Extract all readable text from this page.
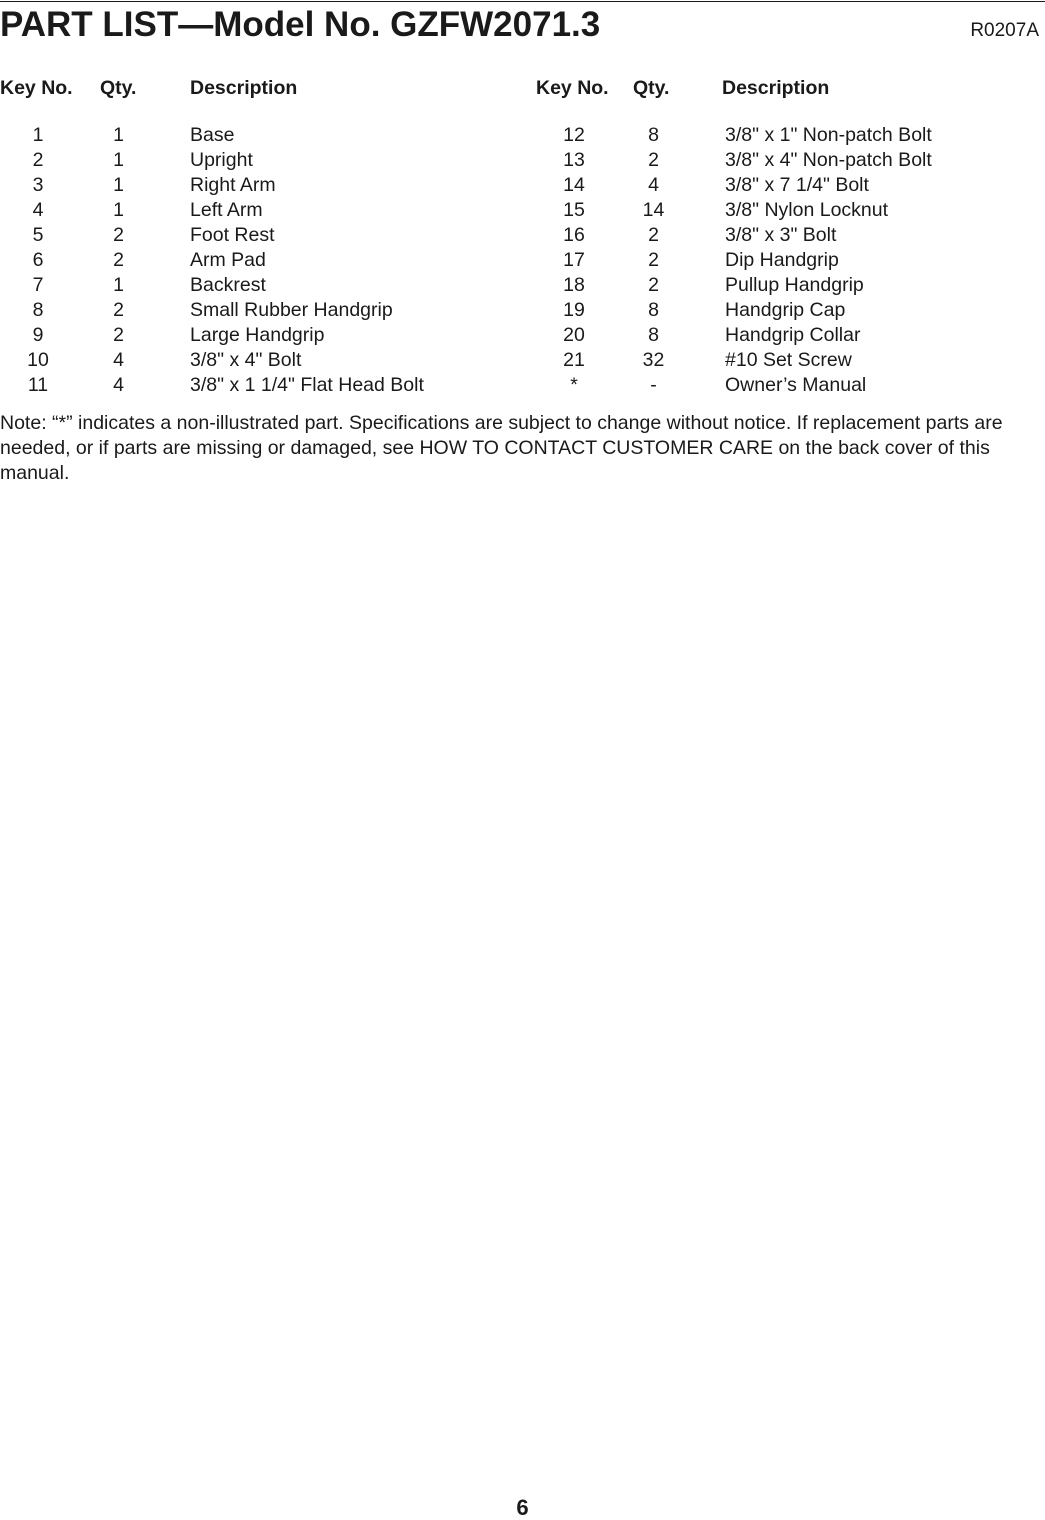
PART LIST—Model No. GZFW2071.3	R0207A
Key No. Qty.	Description
1	1	Base
2	1	Upright
3	1	Right Arm
4	1	Left Arm
5	2	Foot Rest
6	2	Arm Pad
7	1	Backrest
8	2	Small Rubber Handgrip
9	2	Large Handgrip
10	4	3/8" x 4" Bolt
11	4	3/8" x 1 1/4" Flat Head Bolt
Key No. Qty.	Description
12	8	3/8" x 1" Non-patch Bolt
13	2	3/8" x 4" Non-patch Bolt
14	4	3/8" x 7 1/4" Bolt
15	14	3/8" Nylon Locknut
16	2	3/8" x 3" Bolt
17	2	Dip Handgrip
18	2	Pullup Handgrip
19	8	Handgrip Cap
20	8	Handgrip Collar
21	32	#10 Set Screw
*	-	Owner’s Manual
Note: “*” indicates a non-illustrated part. Specifications are subject to change without notice. If replacement parts are needed, or if parts are missing or damaged, see HOW TO CONTACT CUSTOMER CARE on the back cover of this manual.
6
